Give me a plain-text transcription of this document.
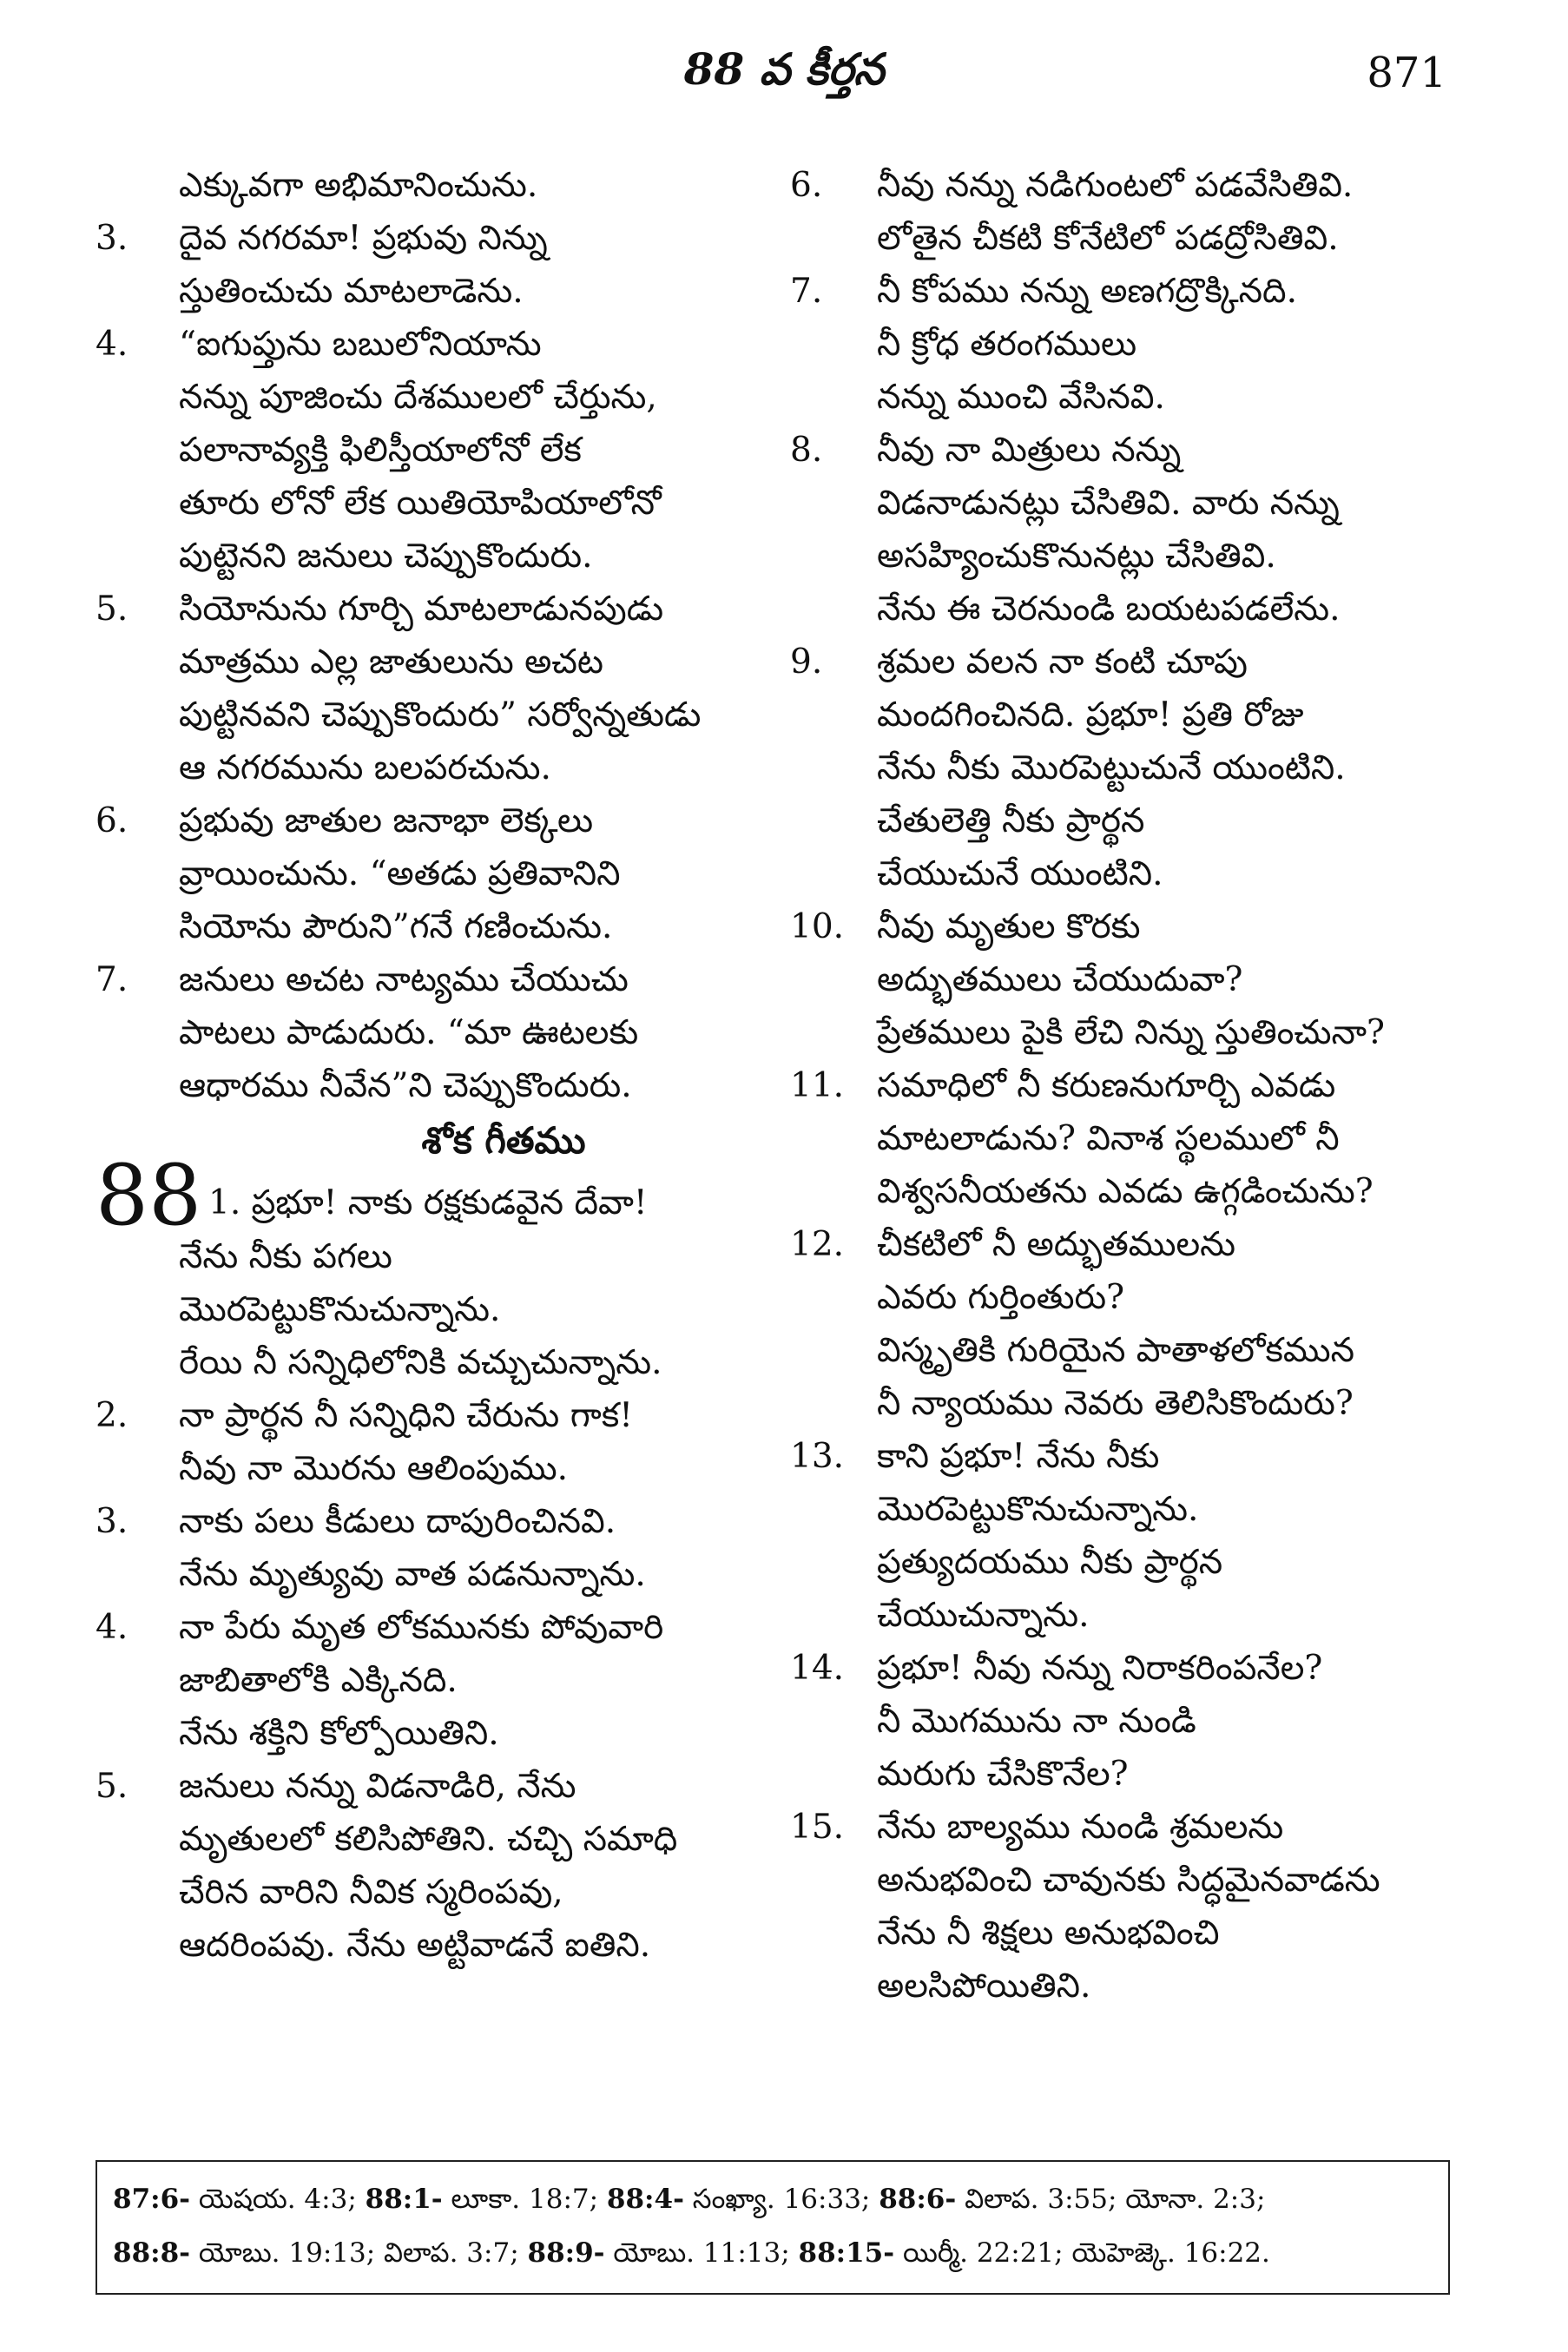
88 వ కీర్తన	871
ఎక్కువగా అభిమానించును.
3. దైవ నగరమా! ప్రభువు నిన్ను
స్తుతించుచు మాటలాడెను.
4. “ఐగుప్తును బబులోనియాను
నన్ను పూజించు దేశములలో చేర్తును,
పలానావ్యక్తి ఫిలిస్తీయాలోనో లేక
తూరు లోనో లేక యితియోపియాలోనో
పుట్టెనని జనులు చెప్పుకొందురు.
5. సియోనును గూర్చి మాటలాడునపుడు
మాత్రము ఎల్ల జాతులును అచట
పుట్టినవని చెప్పుకొందురు” సర్వోన్నతుడు
ఆ నగరమును బలపరచును.
6. ప్రభువు జాతుల జనాభా లెక్కలు
వ్రాయించును. “అతడు ప్రతివానిని
సియోను పౌరుని”గనే గణించును.
7. జనులు అచట నాట్యము చేయుచు
పాటలు పాడుదురు. “మా ఊటలకు
ఆధారము నీవేన”ని చెప్పుకొందురు.
శోక గీతము
88 1. ప్రభూ! నాకు రక్షకుడవైన దేవా!
నేను నీకు పగలు
మొరపెట్టుకొనుచున్నాను.
రేయి నీ సన్నిధిలోనికి వచ్చుచున్నాను.
2. నా ప్రార్థన నీ సన్నిధిని చేరును గాక!
నీవు నా మొరను ఆలింపుము.
3. నాకు పలు కీడులు దాపురించినవి.
నేను మృత్యువు వాత పడనున్నాను.
4. నా పేరు మృత లోకమునకు పోవువారి
జాబితాలోకి ఎక్కినది.
నేను శక్తిని కోల్పోయితిని.
5. జనులు నన్ను విడనాడిరి, నేను
మృతులలో కలిసిపోతిని. చచ్చి సమాధి
చేరిన వారిని నీవిక స్మరింపవు,
ఆదరింపవు. నేను అట్టివాడనే ఐతిని.
6. నీవు నన్ను నడిగుంటలో పడవేసితివి.
లోతైన చీకటి కోనేటిలో పడద్రోసితివి.
7. నీ కోపము నన్ను అణగద్రొక్కినది.
నీ క్రోధ తరంగములు
నన్ను ముంచి వేసినవి.
8. నీవు నా మిత్రులు నన్ను
విడనాడునట్లు చేసితివి. వారు నన్ను
అసహ్యించుకొనునట్లు చేసితివి.
నేను ఈ చెరనుండి బయటపడలేను.
9. శ్రమల వలన నా కంటి చూపు
మందగించినది. ప్రభూ! ప్రతి రోజు
నేను నీకు మొరపెట్టుచునే యుంటిని.
చేతులెత్తి నీకు ప్రార్థన
చేయుచునే యుంటిని.
10. నీవు మృతుల కొరకు
అద్భుతములు చేయుదువా?
ప్రేతములు పైకి లేచి నిన్ను స్తుతించునా?
11. సమాధిలో నీ కరుణనుగూర్చి ఎవడు
మాటలాడును? వినాశ స్థలములో నీ
విశ్వసనీయతను ఎవడు ఉగ్గడించును?
12. చీకటిలో నీ అద్భుతములను
ఎవరు గుర్తింతురు?
విస్మృతికి గురియైన పాతాళలోకమున
నీ న్యాయము నెవరు తెలిసికొందురు?
13. కాని ప్రభూ! నేను నీకు
మొరపెట్టుకొనుచున్నాను.
ప్రత్యుదయము నీకు ప్రార్థన
చేయుచున్నాను.
14. ప్రభూ! నీవు నన్ను నిరాకరింపనేల?
నీ మొగమును నా నుండి
మరుగు చేసికొనేల?
15. నేను బాల్యము నుండి శ్రమలను
అనుభవించి చావునకు సిద్ధమైనవాడను
నేను నీ శిక్షలు అనుభవించి
అలసిపోయితిని.
87:6- యెషయ. 4:3; 88:1- లూకా. 18:7; 88:4- సంఖ్యా. 16:33; 88:6- విలాప. 3:55; యోనా. 2:3;
88:8- యోబు. 19:13; విలాప. 3:7; 88:9- యోబు. 11:13; 88:15- యిర్మీ. 22:21; యెహెజ్కె. 16:22.
